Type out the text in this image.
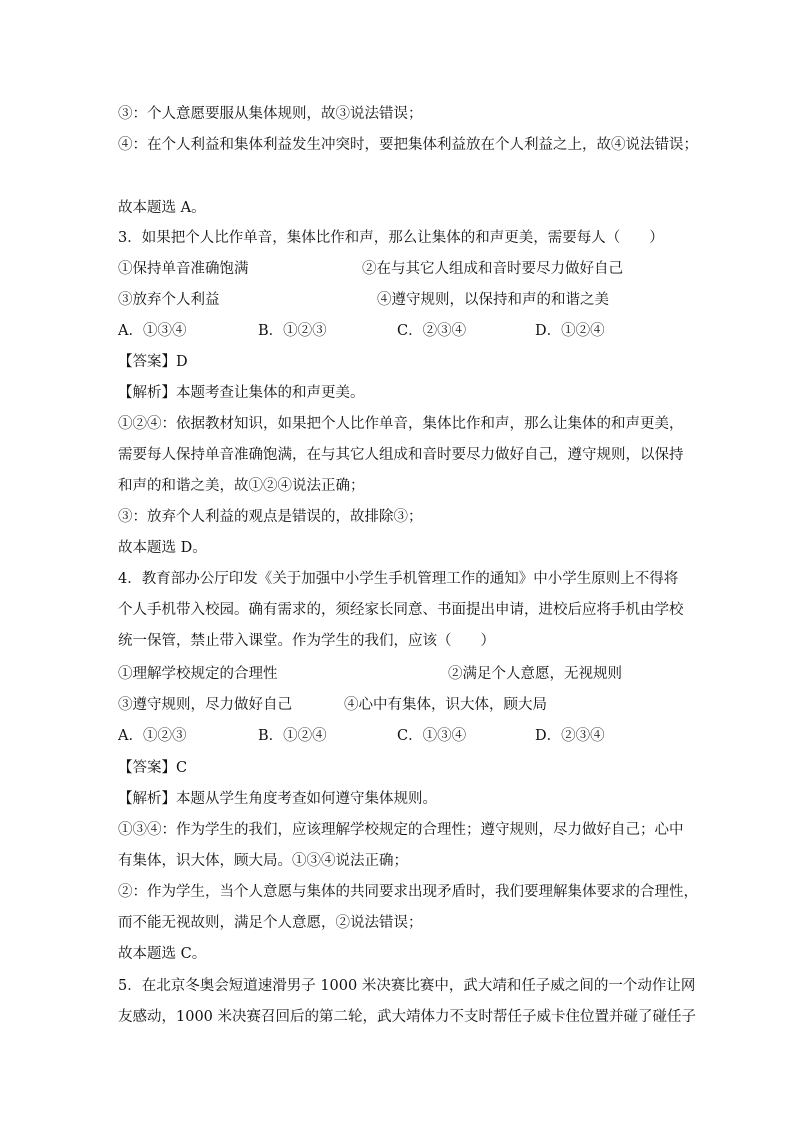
③：个人意愿要服从集体规则，故③说法错误；
④：在个人利益和集体利益发生冲突时，要把集体利益放在个人利益之上，故④说法错误；
故本题选 A。
3．如果把个人比作单音，集体比作和声，那么让集体的和声更美，需要每人（　　）
①保持单音准确饱满	②在与其它人组成和音时要尽力做好自己
③放弃个人利益	④遵守规则，以保持和声的和谐之美
A．①③④	B．①②③	C．②③④	D．①②④
【答案】D
【解析】本题考查让集体的和声更美。
①②④：依据教材知识，如果把个人比作单音，集体比作和声，那么让集体的和声更美，
需要每人保持单音准确饱满，在与其它人组成和音时要尽力做好自己，遵守规则，以保持
和声的和谐之美，故①②④说法正确；
③：放弃个人利益的观点是错误的，故排除③；
故本题选 D。
4．教育部办公厅印发《关于加强中小学生手机管理工作的通知》中小学生原则上不得将
个人手机带入校园。确有需求的，须经家长同意、书面提出申请，进校后应将手机由学校
统一保管，禁止带入课堂。作为学生的我们，应该（　　）
①理解学校规定的合理性	②满足个人意愿，无视规则
③遵守规则，尽力做好自己	④心中有集体，识大体，顾大局
A．①②③	B．①②④	C．①③④	D．②③④
【答案】C
【解析】本题从学生角度考查如何遵守集体规则。
①③④：作为学生的我们，应该理解学校规定的合理性；遵守规则，尽力做好自己；心中
有集体，识大体，顾大局。①③④说法正确；
②：作为学生，当个人意愿与集体的共同要求出现矛盾时，我们要理解集体要求的合理性，
而不能无视故则，满足个人意愿，②说法错误；
故本题选 C。
5．在北京冬奥会短道速滑男子 1000 米决赛比赛中，武大靖和任子威之间的一个动作让网
友感动，1000 米决赛召回后的第二轮，武大靖体力不支时帮任子威卡住位置并碰了碰任子
